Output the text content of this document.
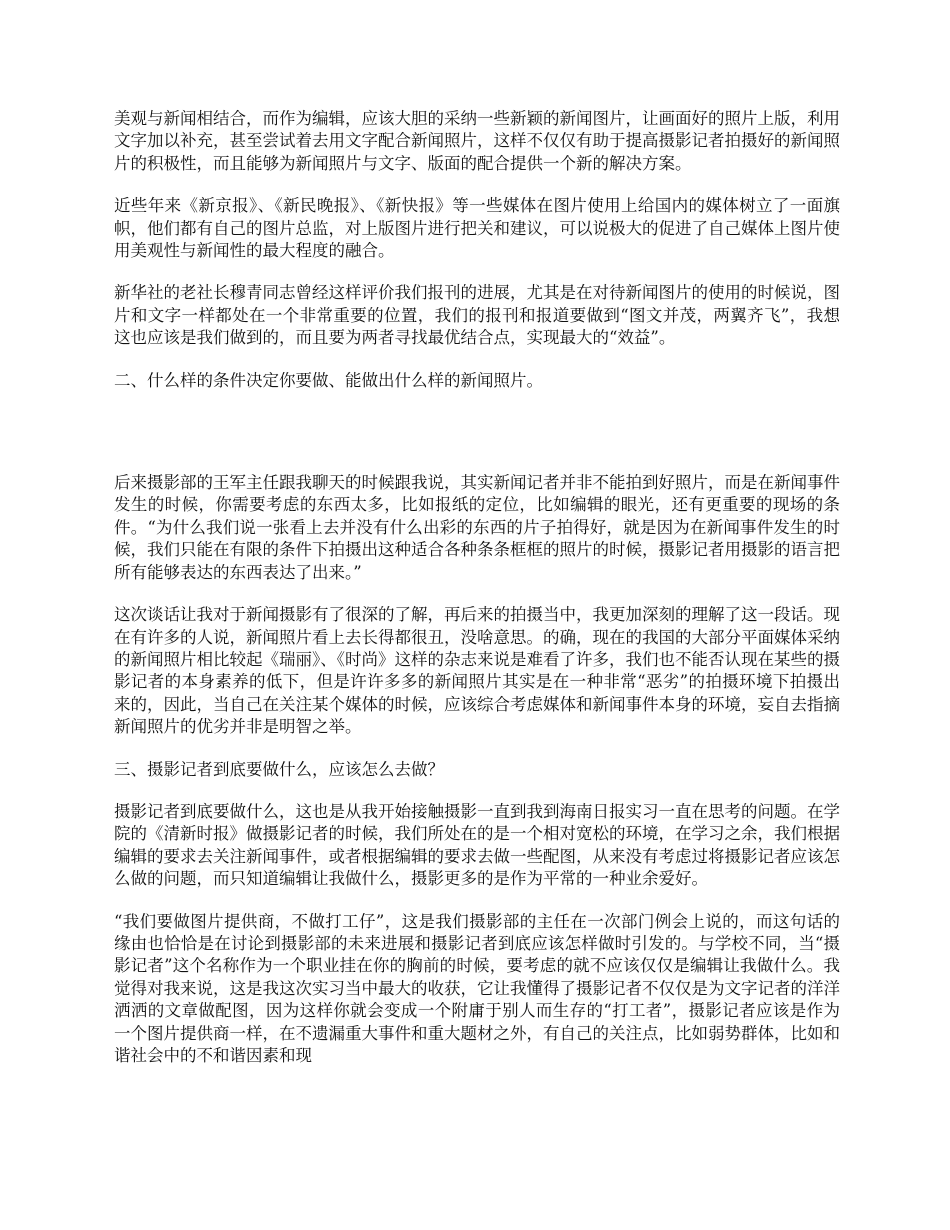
美观与新闻相结合，而作为编辑，应该大胆的采纳一些新颖的新闻图片，让画面好的照片上版，利用文字加以补充，甚至尝试着去用文字配合新闻照片，这样不仅仅有助于提高摄影记者拍摄好的新闻照片的积极性，而且能够为新闻照片与文字、版面的配合提供一个新的解决方案。

近些年来《新京报》、《新民晚报》、《新快报》等一些媒体在图片使用上给国内的媒体树立了一面旗帜，他们都有自己的图片总监，对上版图片进行把关和建议，可以说极大的促进了自己媒体上图片使用美观性与新闻性的最大程度的融合。

新华社的老社长穆青同志曾经这样评价我们报刊的进展，尤其是在对待新闻图片的使用的时候说，图片和文字一样都处在一个非常重要的位置，我们的报刊和报道要做到“图文并茂，两翼齐飞”，我想这也应该是我们做到的，而且要为两者寻找最优结合点，实现最大的“效益”。

二、什么样的条件决定你要做、能做出什么样的新闻照片。

后来摄影部的王军主任跟我聊天的时候跟我说，其实新闻记者并非不能拍到好照片，而是在新闻事件发生的时候，你需要考虑的东西太多，比如报纸的定位，比如编辑的眼光，还有更重要的现场的条件。“为什么我们说一张看上去并没有什么出彩的东西的片子拍得好，就是因为在新闻事件发生的时候，我们只能在有限的条件下拍摄出这种适合各种条条框框的照片的时候，摄影记者用摄影的语言把所有能够表达的东西表达了出来。”

这次谈话让我对于新闻摄影有了很深的了解，再后来的拍摄当中，我更加深刻的理解了这一段话。现在有许多的人说，新闻照片看上去长得都很丑，没啥意思。的确，现在的我国的大部分平面媒体采纳的新闻照片相比较起《瑞丽》、《时尚》这样的杂志来说是难看了许多，我们也不能否认现在某些的摄影记者的本身素养的低下，但是许许多多的新闻照片其实是在一种非常“恶劣”的拍摄环境下拍摄出来的，因此，当自己在关注某个媒体的时候，应该综合考虑媒体和新闻事件本身的环境，妄自去指摘新闻照片的优劣并非是明智之举。

三、摄影记者到底要做什么，应该怎么去做？

摄影记者到底要做什么，这也是从我开始接触摄影一直到我到海南日报实习一直在思考的问题。在学院的《清新时报》做摄影记者的时候，我们所处在的是一个相对宽松的环境，在学习之余，我们根据编辑的要求去关注新闻事件，或者根据编辑的要求去做一些配图，从来没有考虑过将摄影记者应该怎么做的问题，而只知道编辑让我做什么，摄影更多的是作为平常的一种业余爱好。

“我们要做图片提供商，不做打工仔”，这是我们摄影部的主任在一次部门例会上说的，而这句话的缘由也恰恰是在讨论到摄影部的未来进展和摄影记者到底应该怎样做时引发的。与学校不同，当“摄影记者”这个名称作为一个职业挂在你的胸前的时候，要考虑的就不应该仅仅是编辑让我做什么。我觉得对我来说，这是我这次实习当中最大的收获，它让我懂得了摄影记者不仅仅是为文字记者的洋洋洒洒的文章做配图，因为这样你就会变成一个附庸于别人而生存的“打工者”，摄影记者应该是作为一个图片提供商一样，在不遗漏重大事件和重大题材之外，有自己的关注点，比如弱势群体，比如和谐社会中的不和谐因素和现
